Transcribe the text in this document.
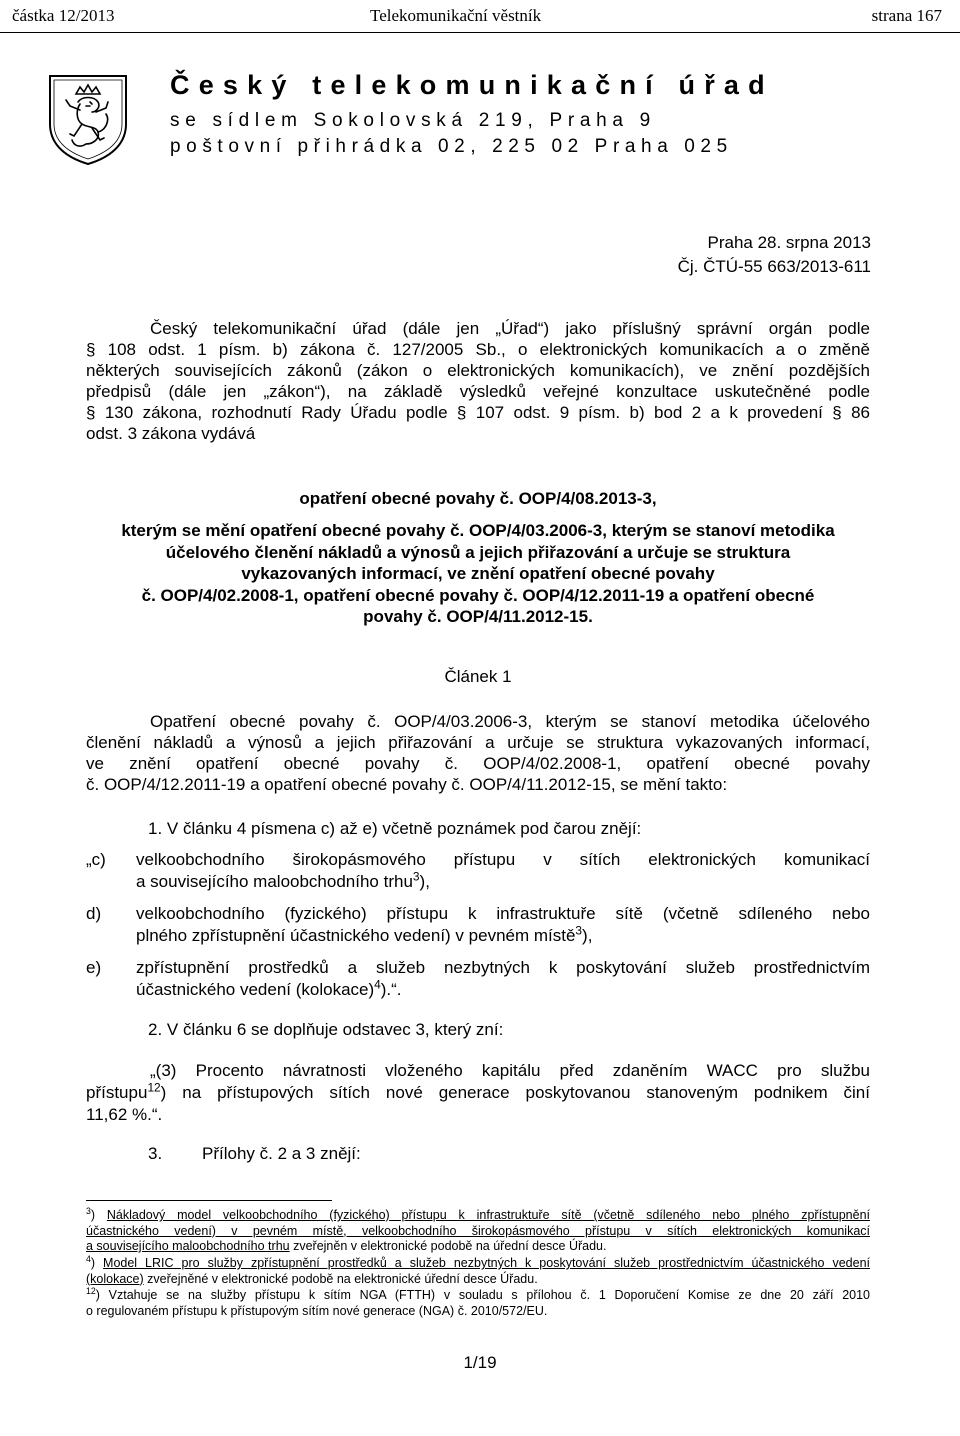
částka 12/2013	Telekomunikační věstník	strana 167
Český telekomunikační úřad
se sídlem Sokolovská 219, Praha 9
poštovní přihrádka 02, 225 02 Praha 025
Praha 28. srpna 2013
Čj. ČTÚ-55 663/2013-611
Český telekomunikační úřad (dále jen „Úřad“) jako příslušný správní orgán podle
§ 108 odst. 1 písm. b) zákona č. 127/2005 Sb., o elektronických komunikacích a o změně
některých souvisejících zákonů (zákon o elektronických komunikacích), ve znění pozdějších
předpisů (dále jen „zákon“), na základě výsledků veřejné konzultace uskutečněné podle
§ 130 zákona, rozhodnutí Rady Úřadu podle § 107 odst. 9 písm. b) bod 2 a k provedení § 86
odst. 3 zákona vydává
opatření obecné povahy č. OOP/4/08.2013-3,
kterým se mění opatření obecné povahy č. OOP/4/03.2006-3, kterým se stanoví metodika
účelového členění nákladů a výnosů a jejich přiřazování a určuje se struktura
vykazovaných informací, ve znění opatření obecné povahy
č. OOP/4/02.2008-1, opatření obecné povahy č. OOP/4/12.2011-19 a opatření obecné
povahy č. OOP/4/11.2012-15.
Článek 1
Opatření obecné povahy č. OOP/4/03.2006-3, kterým se stanoví metodika účelového
členění nákladů a výnosů a jejich přiřazování a určuje se struktura vykazovaných informací,
ve znění opatření obecné povahy č. OOP/4/02.2008-1, opatření obecné povahy
č. OOP/4/12.2011-19 a opatření obecné povahy č. OOP/4/11.2012-15, se mění takto:
1. V článku 4 písmena c) až e) včetně poznámek pod čarou znějí:
„c) velkoobchodního širokopásmového přístupu v sítích elektronických komunikací
a souvisejícího maloobchodního trhu$^3$),
d) velkoobchodního (fyzického) přístupu k infrastruktuře sítě (včetně sdíleného nebo
plného zpřístupnění účastnického vedení) v pevném místě$^3$),
e) zpřístupnění prostředků a služeb nezbytných k poskytování služeb prostřednictvím
účastnického vedení (kolokace)$^4$).“.
2. V článku 6 se doplňuje odstavec 3, který zní:
„(3) Procento návratnosti vloženého kapitálu před zdaněním WACC pro službu
přístupu$^{12}$) na přístupových sítích nové generace poskytovanou stanoveným podnikem činí
11,62 %.“.
3. Přílohy č. 2 a 3 znějí:
$^3$) Nákladový model velkoobchodního (fyzického) přístupu k infrastruktuře sítě (včetně sdíleného nebo plného zpřístupnění
účastnického vedení) v pevném místě, velkoobchodního širokopásmového přístupu v sítích elektronických komunikací
a souvisejícího maloobchodního trhu zveřejněn v elektronické podobě na úřední desce Úřadu.
$^4$) Model LRIC pro služby zpřístupnění prostředků a služeb nezbytných k poskytování služeb prostřednictvím účastnického vedení
(kolokace) zveřejněné v elektronické podobě na elektronické úřední desce Úřadu.
$^{12}$) Vztahuje se na služby přístupu k sítím NGA (FTTH) v souladu s přílohou č. 1 Doporučení Komise ze dne 20 září 2010
o regulovaném přístupu k přístupovým sítím nové generace (NGA) č. 2010/572/EU.
1/19
